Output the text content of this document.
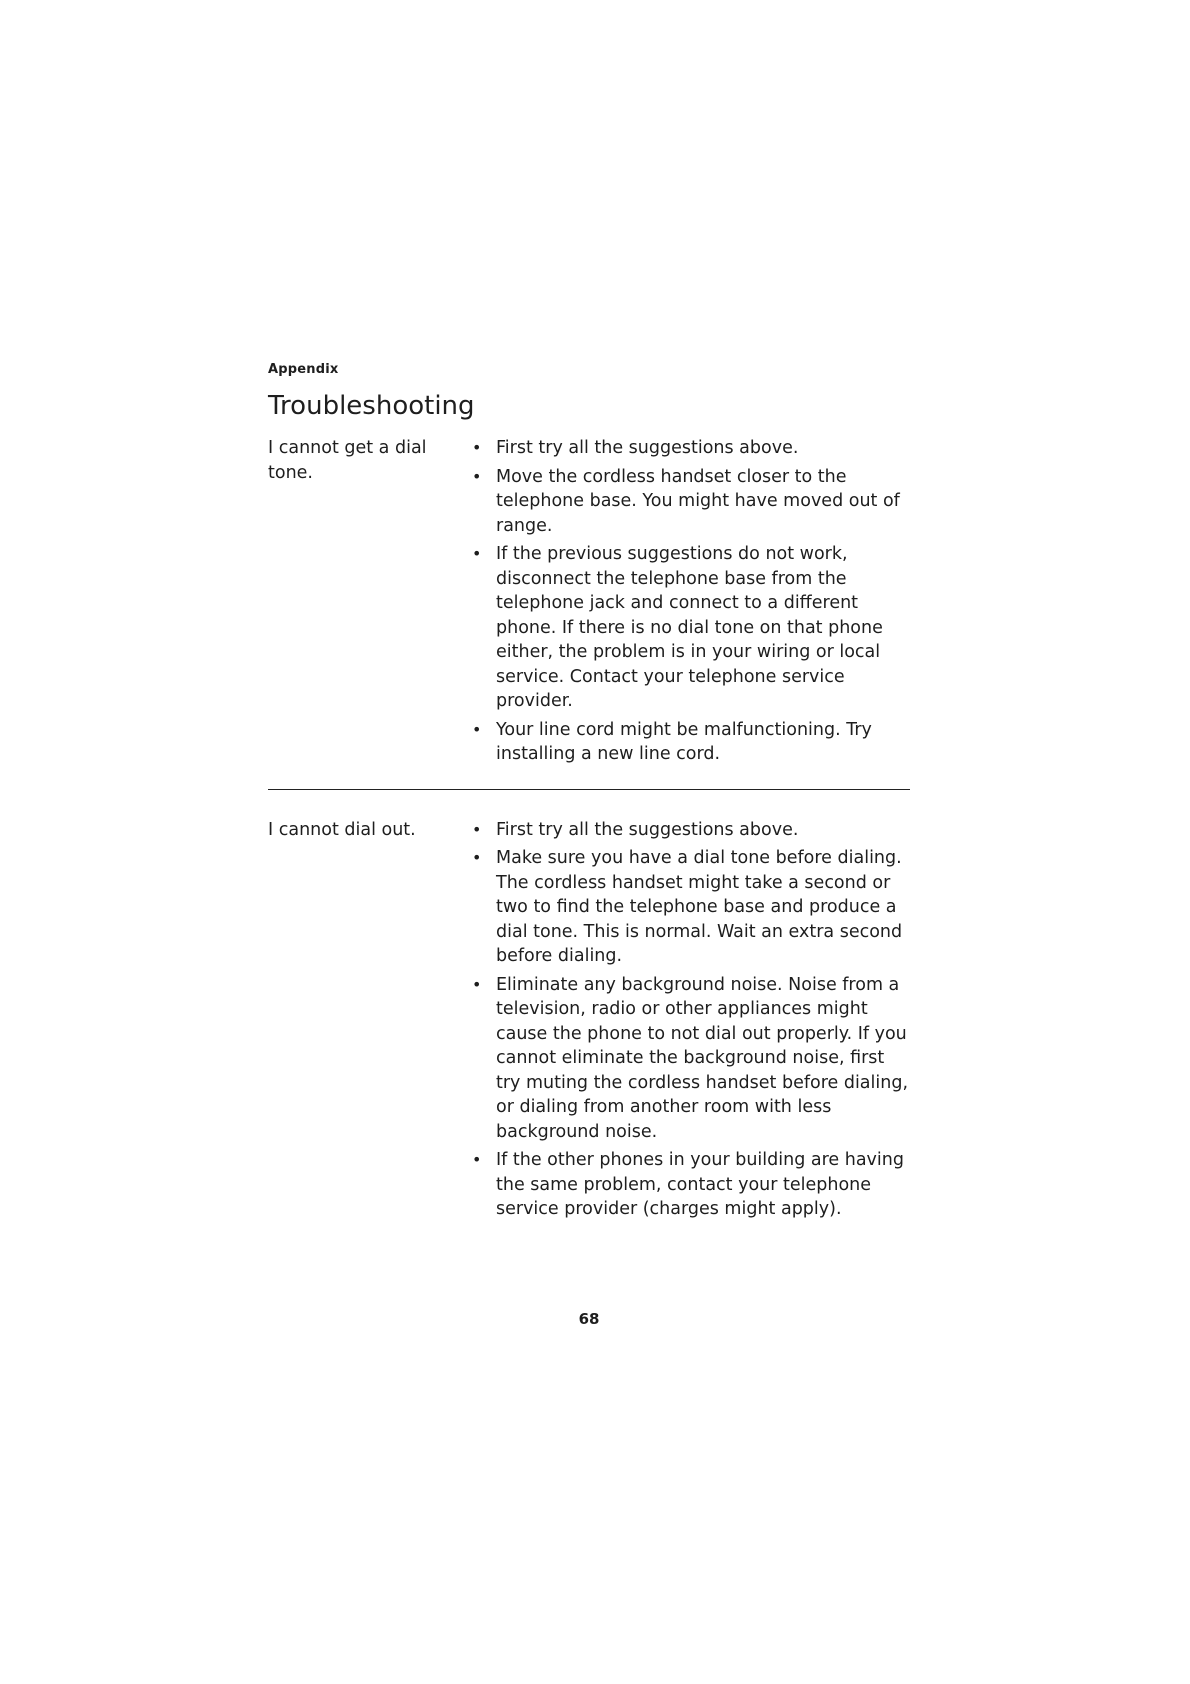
Appendix
Troubleshooting
I cannot get a dial tone.
• First try all the suggestions above.
• Move the cordless handset closer to the telephone base. You might have moved out of range.
• If the previous suggestions do not work, disconnect the telephone base from the telephone jack and connect to a different phone. If there is no dial tone on that phone either, the problem is in your wiring or local service. Contact your telephone service provider.
• Your line cord might be malfunctioning. Try installing a new line cord.
I cannot dial out.	• First try all the suggestions above.
• Make sure you have a dial tone before dialing. The cordless handset might take a second or two to find the telephone base and produce a dial tone. This is normal. Wait an extra second before dialing.
• Eliminate any background noise. Noise from a television, radio or other appliances might cause the phone to not dial out properly. If you cannot eliminate the background noise, first try muting the cordless handset before dialing, or dialing from another room with less background noise.
• If the other phones in your building are having the same problem, contact your telephone service provider (charges might apply).
68
